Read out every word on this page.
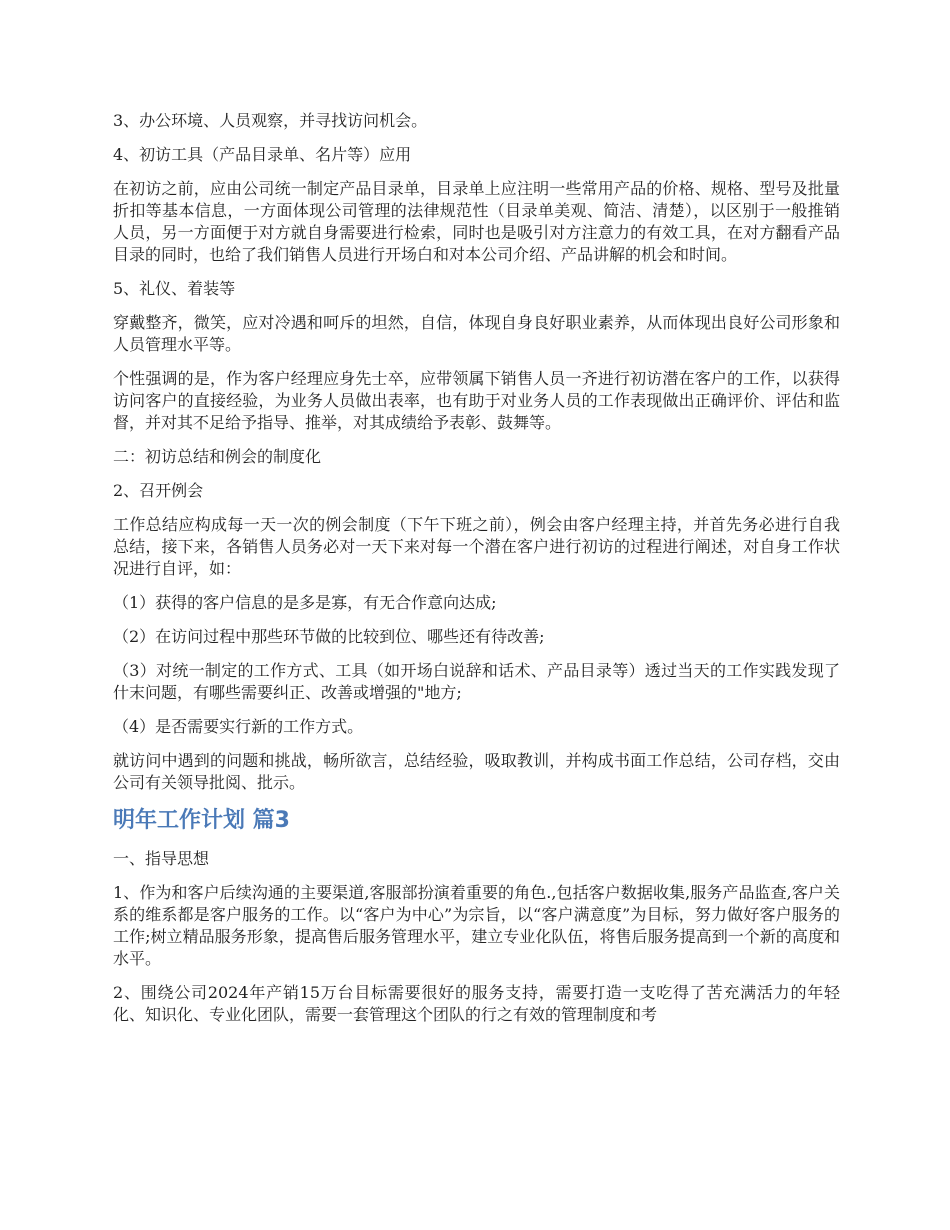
3、办公环境、人员观察，并寻找访问机会。

4、初访工具（产品目录单、名片等）应用

在初访之前，应由公司统一制定产品目录单，目录单上应注明一些常用产品的价格、规格、型号及批量折扣等基本信息，一方面体现公司管理的法律规范性（目录单美观、简洁、清楚），以区别于一般推销人员，另一方面便于对方就自身需要进行检索，同时也是吸引对方注意力的有效工具，在对方翻看产品目录的同时，也给了我们销售人员进行开场白和对本公司介绍、产品讲解的机会和时间。

5、礼仪、着装等

穿戴整齐，微笑，应对冷遇和呵斥的坦然，自信，体现自身良好职业素养，从而体现出良好公司形象和人员管理水平等。

个性强调的是，作为客户经理应身先士卒，应带领属下销售人员一齐进行初访潜在客户的工作，以获得访问客户的直接经验，为业务人员做出表率，也有助于对业务人员的工作表现做出正确评价、评估和监督，并对其不足给予指导、推举，对其成绩给予表彰、鼓舞等。

二：初访总结和例会的制度化

2、召开例会

工作总结应构成每一天一次的例会制度（下午下班之前），例会由客户经理主持，并首先务必进行自我总结，接下来，各销售人员务必对一天下来对每一个潜在客户进行初访的过程进行阐述，对自身工作状况进行自评，如：

（1）获得的客户信息的是多是寡，有无合作意向达成;

（2）在访问过程中那些环节做的比较到位、哪些还有待改善;

（3）对统一制定的工作方式、工具（如开场白说辞和话术、产品目录等）透过当天的工作实践发现了什末问题，有哪些需要纠正、改善或增强的"地方;

（4）是否需要实行新的工作方式。

就访问中遇到的问题和挑战，畅所欲言，总结经验，吸取教训，并构成书面工作总结，公司存档，交由公司有关领导批阅、批示。

明年工作计划 篇3

一、指导思想

1、作为和客户后续沟通的主要渠道,客服部扮演着重要的角色.,包括客户数据收集,服务产品监查,客户关系的维系都是客户服务的工作。以“客户为中心”为宗旨，以“客户满意度”为目标，努力做好客户服务的工作;树立精品服务形象，提高售后服务管理水平，建立专业化队伍，将售后服务提高到一个新的高度和水平。

2、围绕公司2024年产销15万台目标需要很好的服务支持，需要打造一支吃得了苦充满活力的年轻化、知识化、专业化团队，需要一套管理这个团队的行之有效的管理制度和考
